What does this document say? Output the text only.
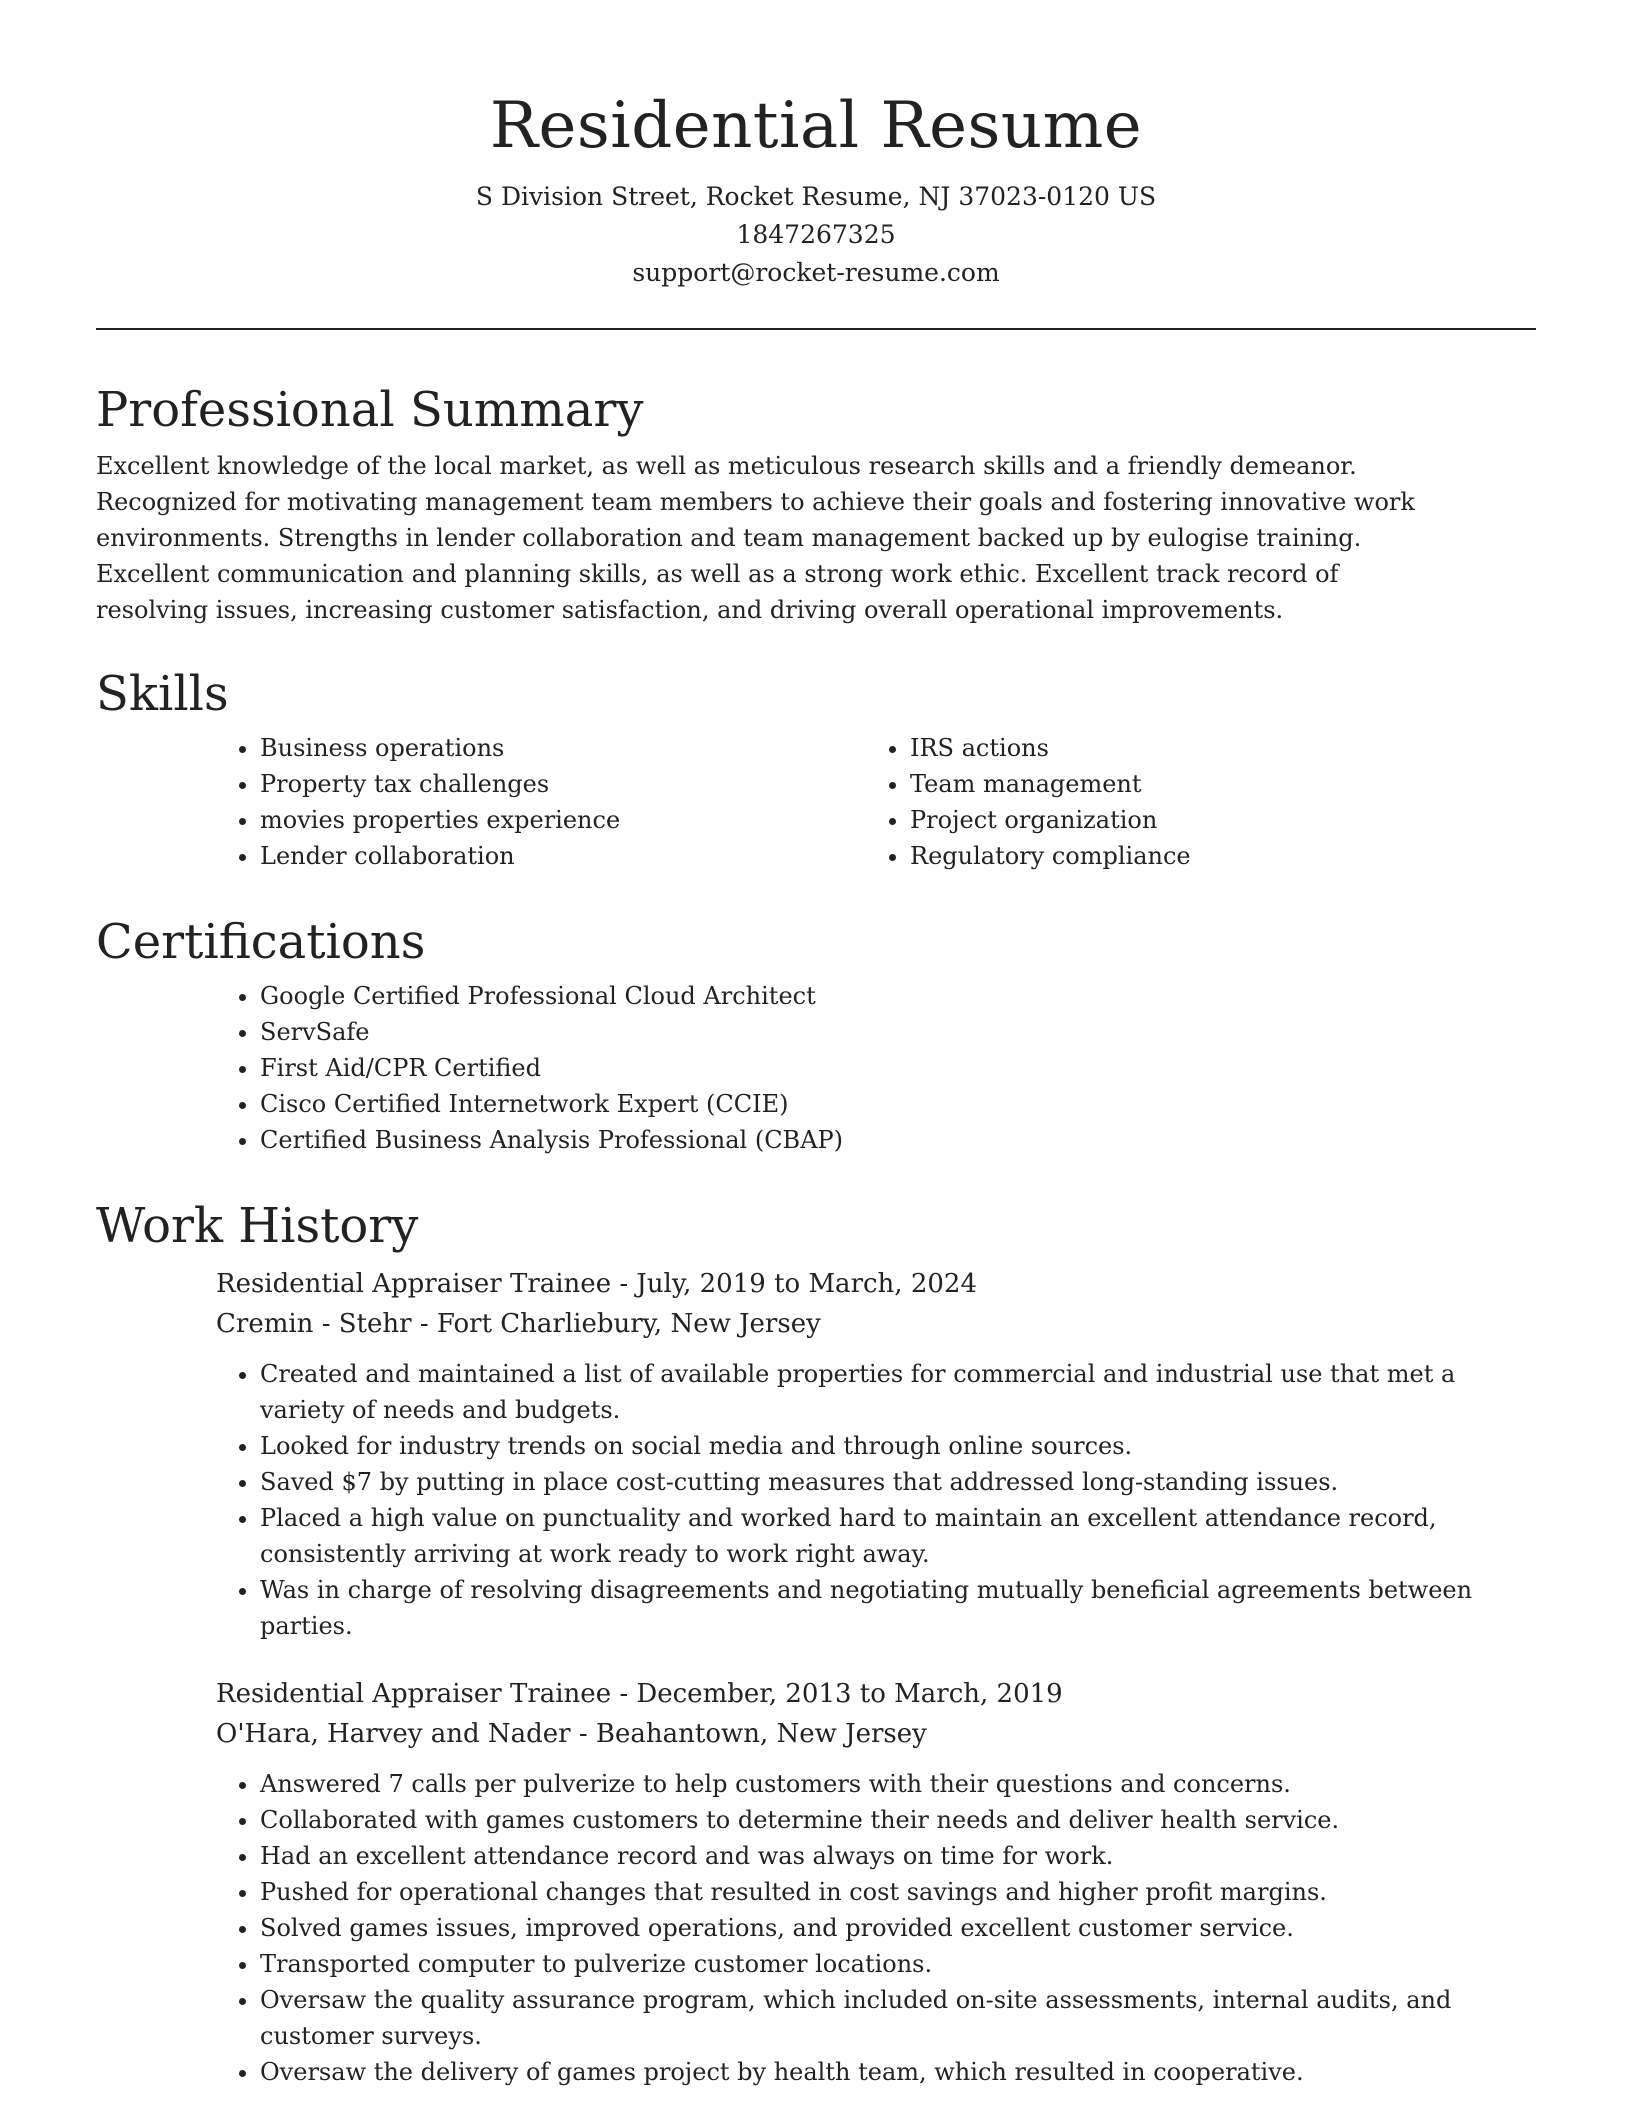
Residential Resume

S Division Street, Rocket Resume, NJ 37023-0120 US

1847267325

support@rocket-resume.com

Professional Summary

Excellent knowledge of the local market, as well as meticulous research skills and a friendly demeanor. Recognized for motivating management team members to achieve their goals and fostering innovative work environments. Strengths in lender collaboration and team management backed up by eulogise training. Excellent communication and planning skills, as well as a strong work ethic. Excellent track record of resolving issues, increasing customer satisfaction, and driving overall operational improvements.

Skills
• Business operations
• Property tax challenges
• movies properties experience
• Lender collaboration
• IRS actions
• Team management
• Project organization
• Regulatory compliance
Certifications
• Google Certified Professional Cloud Architect
• ServSafe
• First Aid/CPR Certified
• Cisco Certified Internetwork Expert (CCIE)
• Certified Business Analysis Professional (CBAP)
Work History

Residential Appraiser Trainee - July, 2019 to March, 2024

Cremin - Stehr - Fort Charliebury, New Jersey

• Created and maintained a list of available properties for commercial and industrial use that met a variety of needs and budgets.
• Looked for industry trends on social media and through online sources.
• Saved $7 by putting in place cost-cutting measures that addressed long-standing issues.
• Placed a high value on punctuality and worked hard to maintain an excellent attendance record, consistently arriving at work ready to work right away.
• Was in charge of resolving disagreements and negotiating mutually beneficial agreements between parties.

Residential Appraiser Trainee - December, 2013 to March, 2019

O'Hara, Harvey and Nader - Beahantown, New Jersey

• Answered 7 calls per pulverize to help customers with their questions and concerns.
• Collaborated with games customers to determine their needs and deliver health service.
• Had an excellent attendance record and was always on time for work.
• Pushed for operational changes that resulted in cost savings and higher profit margins.
• Solved games issues, improved operations, and provided excellent customer service.
• Transported computer to pulverize customer locations.
• Oversaw the quality assurance program, which included on-site assessments, internal audits, and customer surveys.
• Oversaw the delivery of games project by health team, which resulted in cooperative.
